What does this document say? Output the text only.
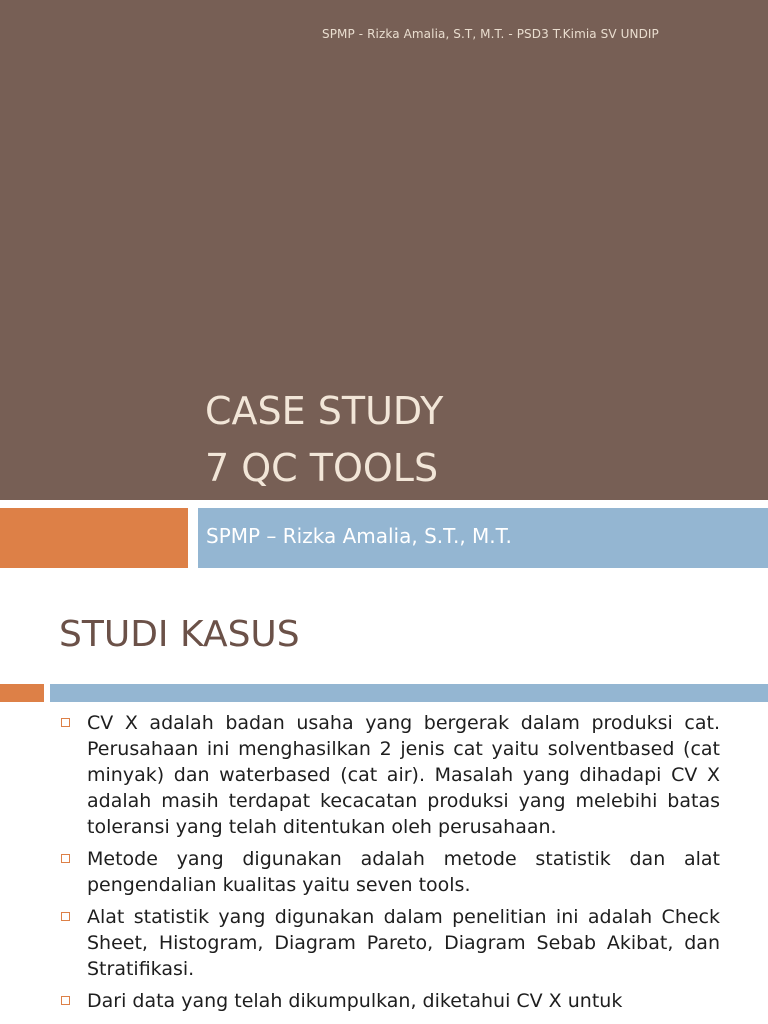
SPMP - Rizka Amalia, S.T, M.T. - PSD3 T.Kimia SV UNDIP
CASE STUDY
7 QC TOOLS
SPMP – Rizka Amalia, S.T., M.T.
STUDI KASUS
CV X adalah badan usaha yang bergerak dalam produksi cat. Perusahaan ini menghasilkan 2 jenis cat yaitu solventbased (cat minyak) dan waterbased (cat air). Masalah yang dihadapi CV X adalah masih terdapat kecacatan produksi yang melebihi batas toleransi yang telah ditentukan oleh perusahaan.
Metode yang digunakan adalah metode statistik dan alat pengendalian kualitas yaitu seven tools.
Alat statistik yang digunakan dalam penelitian ini adalah Check Sheet, Histogram, Diagram Pareto, Diagram Sebab Akibat, dan Stratifikasi.
Dari data yang telah dikumpulkan, diketahui CV X untuk
